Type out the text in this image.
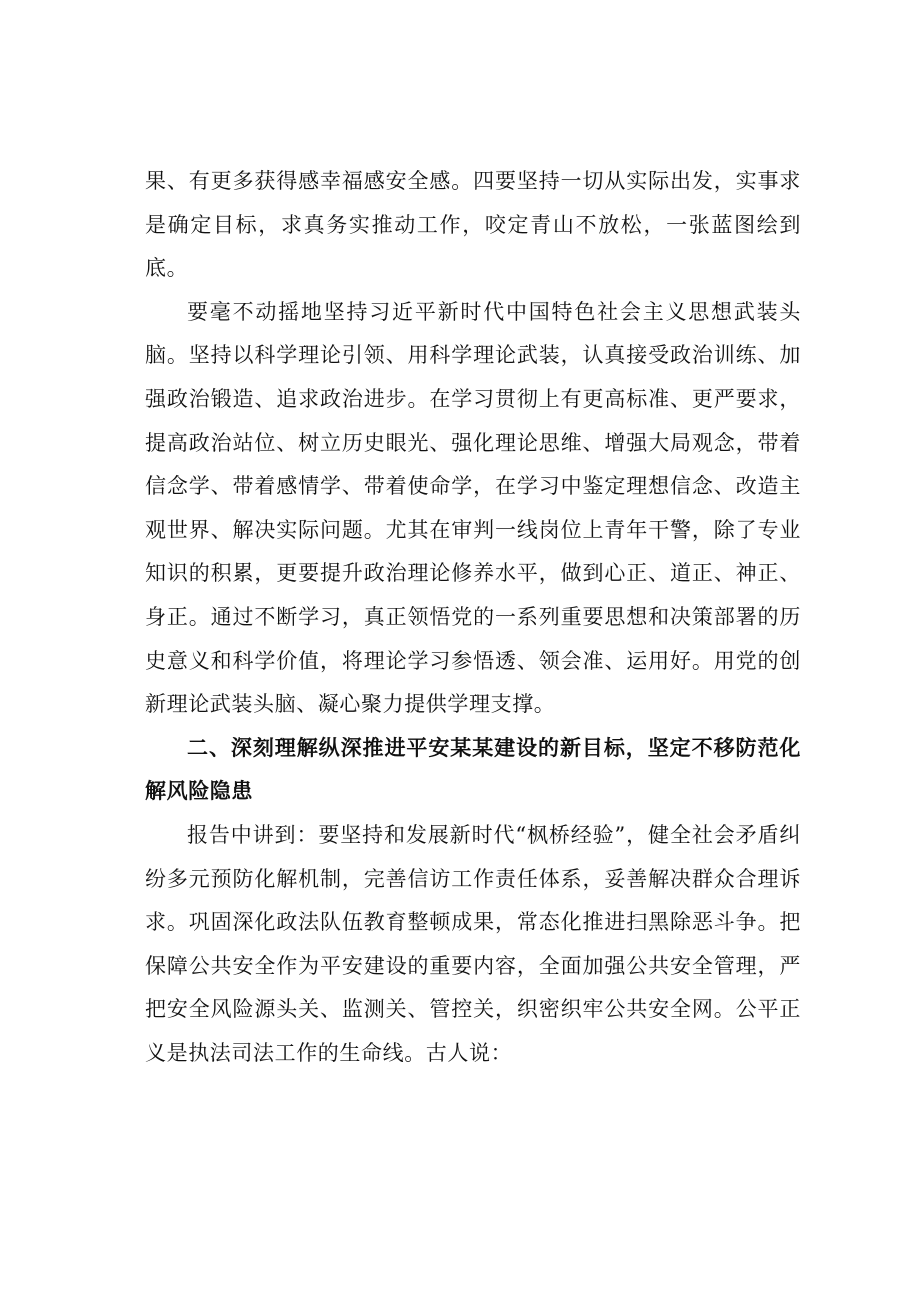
果、有更多获得感幸福感安全感。四要坚持一切从实际出发，实事求是确定目标，求真务实推动工作，咬定青山不放松，一张蓝图绘到底。

要毫不动摇地坚持习近平新时代中国特色社会主义思想武装头脑。坚持以科学理论引领、用科学理论武装，认真接受政治训练、加强政治锻造、追求政治进步。在学习贯彻上有更高标准、更严要求，提高政治站位、树立历史眼光、强化理论思维、增强大局观念，带着信念学、带着感情学、带着使命学，在学习中鉴定理想信念、改造主观世界、解决实际问题。尤其在审判一线岗位上青年干警，除了专业知识的积累，更要提升政治理论修养水平，做到心正、道正、神正、身正。通过不断学习，真正领悟党的一系列重要思想和决策部署的历史意义和科学价值，将理论学习参悟透、领会准、运用好。用党的创新理论武装头脑、凝心聚力提供学理支撑。

二、深刻理解纵深推进平安某某建设的新目标，坚定不移防范化解风险隐患

报告中讲到：要坚持和发展新时代“枫桥经验”，健全社会矛盾纠纷多元预防化解机制，完善信访工作责任体系，妥善解决群众合理诉求。巩固深化政法队伍教育整顿成果，常态化推进扫黑除恶斗争。把保障公共安全作为平安建设的重要内容，全面加强公共安全管理，严把安全风险源头关、监测关、管控关，织密织牢公共安全网。公平正义是执法司法工作的生命线。古人说：
